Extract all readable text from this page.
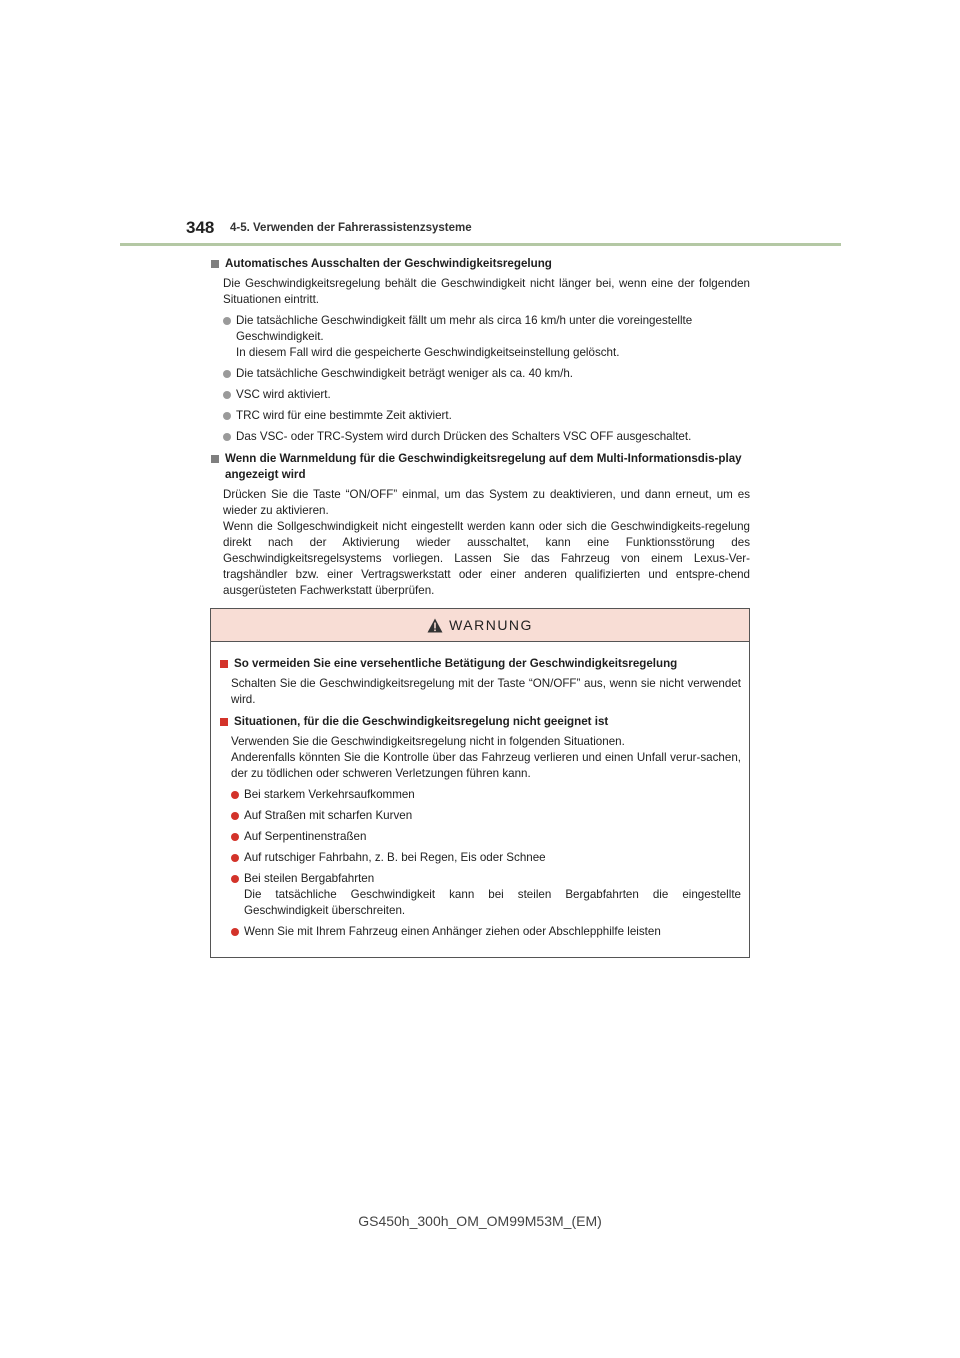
348 4-5. Verwenden der Fahrerassistenzsysteme
Automatisches Ausschalten der Geschwindigkeitsregelung
Die Geschwindigkeitsregelung behält die Geschwindigkeit nicht länger bei, wenn eine der folgenden Situationen eintritt.
Die tatsächliche Geschwindigkeit fällt um mehr als circa 16 km/h unter die voreingestellte Geschwindigkeit.
In diesem Fall wird die gespeicherte Geschwindigkeitseinstellung gelöscht.
Die tatsächliche Geschwindigkeit beträgt weniger als ca. 40 km/h.
VSC wird aktiviert.
TRC wird für eine bestimmte Zeit aktiviert.
Das VSC- oder TRC-System wird durch Drücken des Schalters VSC OFF ausgeschaltet.
Wenn die Warnmeldung für die Geschwindigkeitsregelung auf dem Multi-Informationsdis-play angezeigt wird
Drücken Sie die Taste “ON/OFF” einmal, um das System zu deaktivieren, und dann erneut, um es wieder zu aktivieren.
Wenn die Sollgeschwindigkeit nicht eingestellt werden kann oder sich die Geschwindigkeits-regelung direkt nach der Aktivierung wieder ausschaltet, kann eine Funktionsstörung des Geschwindigkeitsregelsystems vorliegen. Lassen Sie das Fahrzeug von einem Lexus-Ver-tragshändler bzw. einer Vertragswerkstatt oder einer anderen qualifizierten und entspre-chend ausgerüsteten Fachwerkstatt überprüfen.
WARNUNG
So vermeiden Sie eine versehentliche Betätigung der Geschwindigkeitsregelung
Schalten Sie die Geschwindigkeitsregelung mit der Taste “ON/OFF” aus, wenn sie nicht verwendet wird.
Situationen, für die die Geschwindigkeitsregelung nicht geeignet ist
Verwenden Sie die Geschwindigkeitsregelung nicht in folgenden Situationen.
Anderenfalls könnten Sie die Kontrolle über das Fahrzeug verlieren und einen Unfall verur-sachen, der zu tödlichen oder schweren Verletzungen führen kann.
Bei starkem Verkehrsaufkommen
Auf Straßen mit scharfen Kurven
Auf Serpentinenstraßen
Auf rutschiger Fahrbahn, z. B. bei Regen, Eis oder Schnee
Bei steilen Bergabfahrten
Die tatsächliche Geschwindigkeit kann bei steilen Bergabfahrten die eingestellte Geschwindigkeit überschreiten.
Wenn Sie mit Ihrem Fahrzeug einen Anhänger ziehen oder Abschlepphilfe leisten
GS450h_300h_OM_OM99M53M_(EM)
